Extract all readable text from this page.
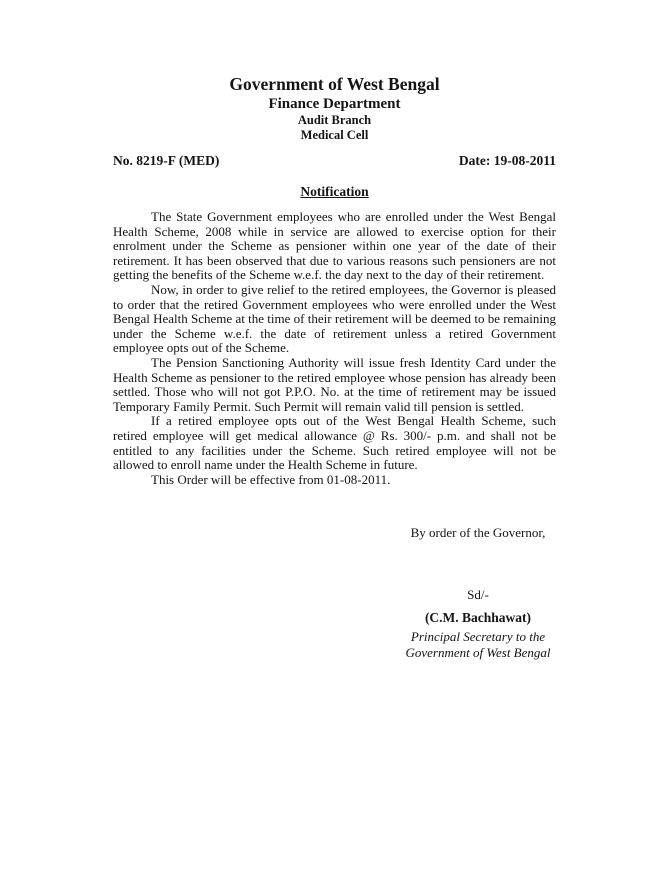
Government of West Bengal
Finance Department
Audit Branch
Medical Cell
No. 8219-F (MED)	Date: 19-08-2011
Notification

The State Government employees who are enrolled under the West Bengal Health Scheme, 2008 while in service are allowed to exercise option for their enrolment under the Scheme as pensioner within one year of the date of their retirement. It has been observed that due to various reasons such pensioners are not getting the benefits of the Scheme w.e.f. the day next to the day of their retirement.

Now, in order to give relief to the retired employees, the Governor is pleased to order that the retired Government employees who were enrolled under the West Bengal Health Scheme at the time of their retirement will be deemed to be remaining under the Scheme w.e.f. the date of retirement unless a retired Government employee opts out of the Scheme.

The Pension Sanctioning Authority will issue fresh Identity Card under the Health Scheme as pensioner to the retired employee whose pension has already been settled. Those who will not got P.P.O. No. at the time of retirement may be issued Temporary Family Permit. Such Permit will remain valid till pension is settled.

If a retired employee opts out of the West Bengal Health Scheme, such retired employee will get medical allowance @ Rs. 300/- p.m. and shall not be entitled to any facilities under the Scheme. Such retired employee will not be allowed to enroll name under the Health Scheme in future.

This Order will be effective from 01-08-2011.

By order of the Governor,
Sd/-
(C.M. Bachhawat)
Principal Secretary to the
Government of West Bengal
